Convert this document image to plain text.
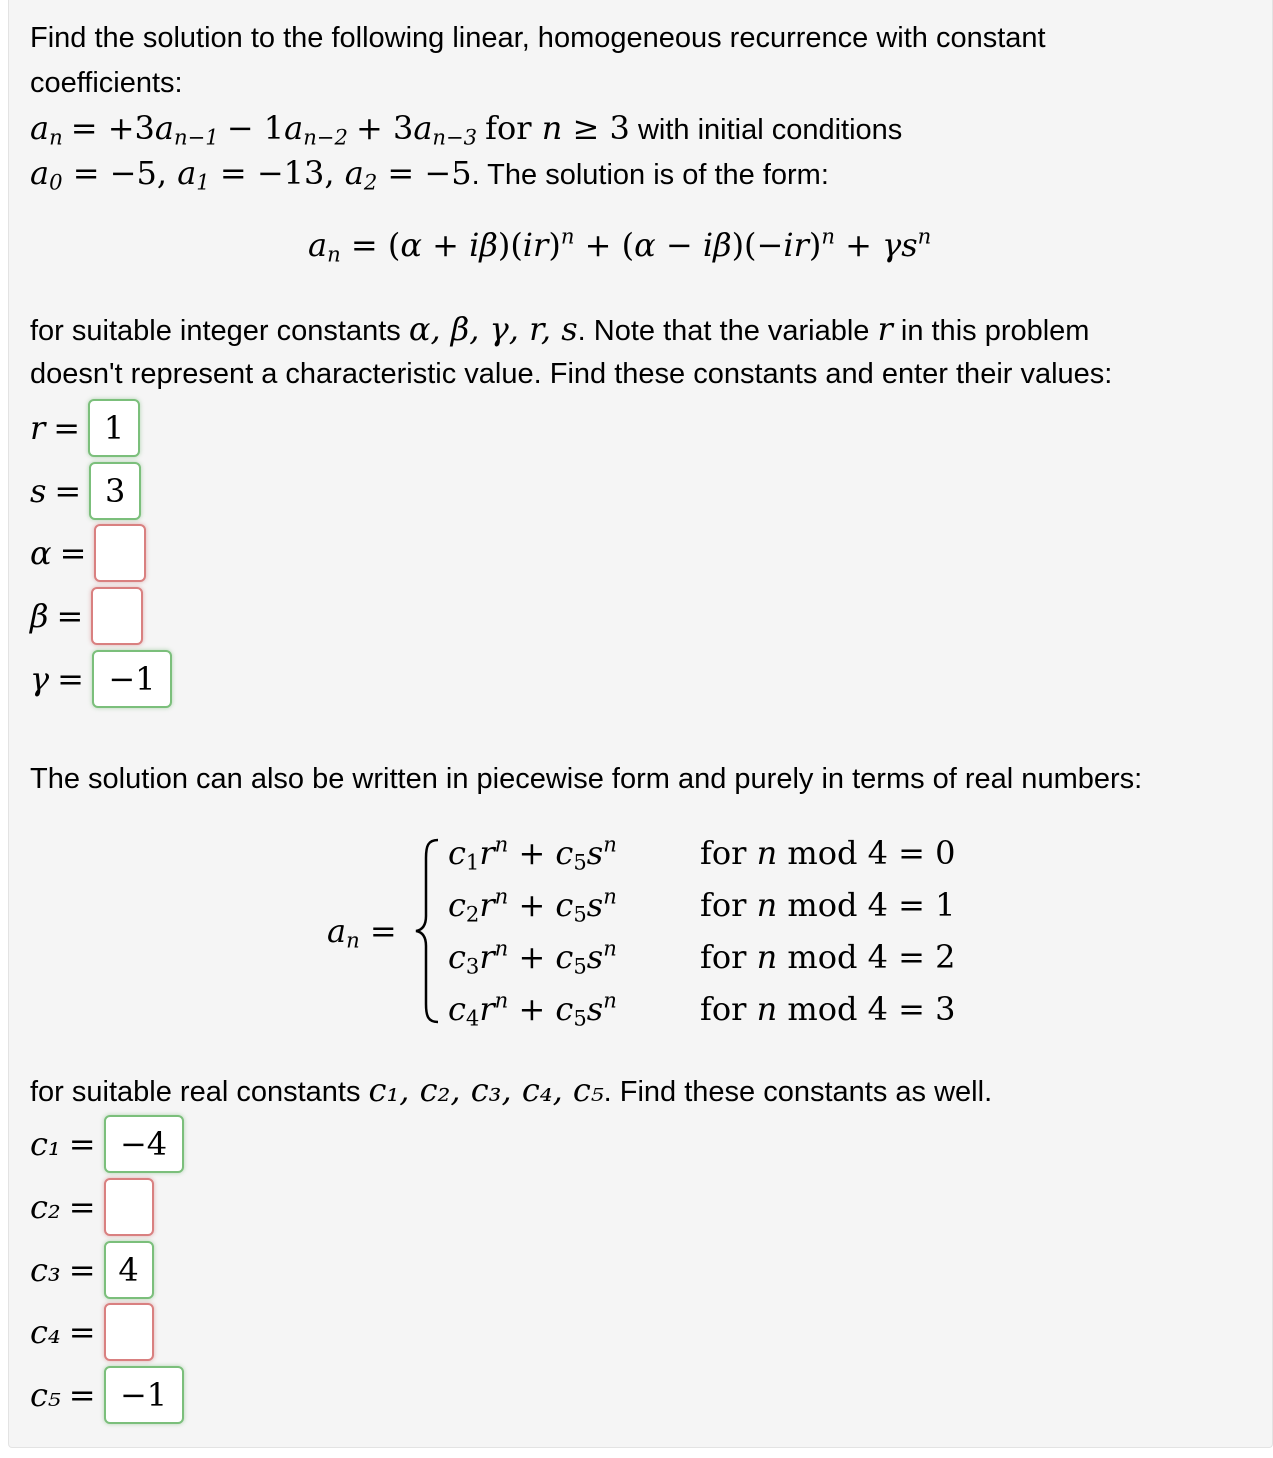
Find the solution to the following linear, homogeneous recurrence with constant
coefficients:
$a_n = +3a_{n-1} - 1a_{n-2} + 3a_{n-3}$ for n ≥ 3 with initial conditions
$a_0 = -5$, $a_1 = -13$, $a_2 = -5$. The solution is of the form:
$a_n = (\alpha + i\beta)(ir)^n + (\alpha - i\beta)(-ir)^n + \gamma s^n$
for suitable integer constants α, β, γ, r, s. Note that the variable r in this problem
doesn't represent a characteristic value. Find these constants and enter their values:
r = 1
s = 3
α =
β =
γ = −1
The solution can also be written in piecewise form and purely in terms of real numbers:
$a_n$ =
$c_1r^n + c_5s^n$	for n mod 4 = 0
$c_2r^n + c_5s^n$	for n mod 4 = 1
$c_3r^n + c_5s^n$	for n mod 4 = 2
$c_4r^n + c_5s^n$	for n mod 4 = 3
for suitable real constants c₁, c₂, c₃, c₄, c₅. Find these constants as well.
c₁ = −4
c₂ =
c₃ = 4
c₄ =
c₅ = −1
